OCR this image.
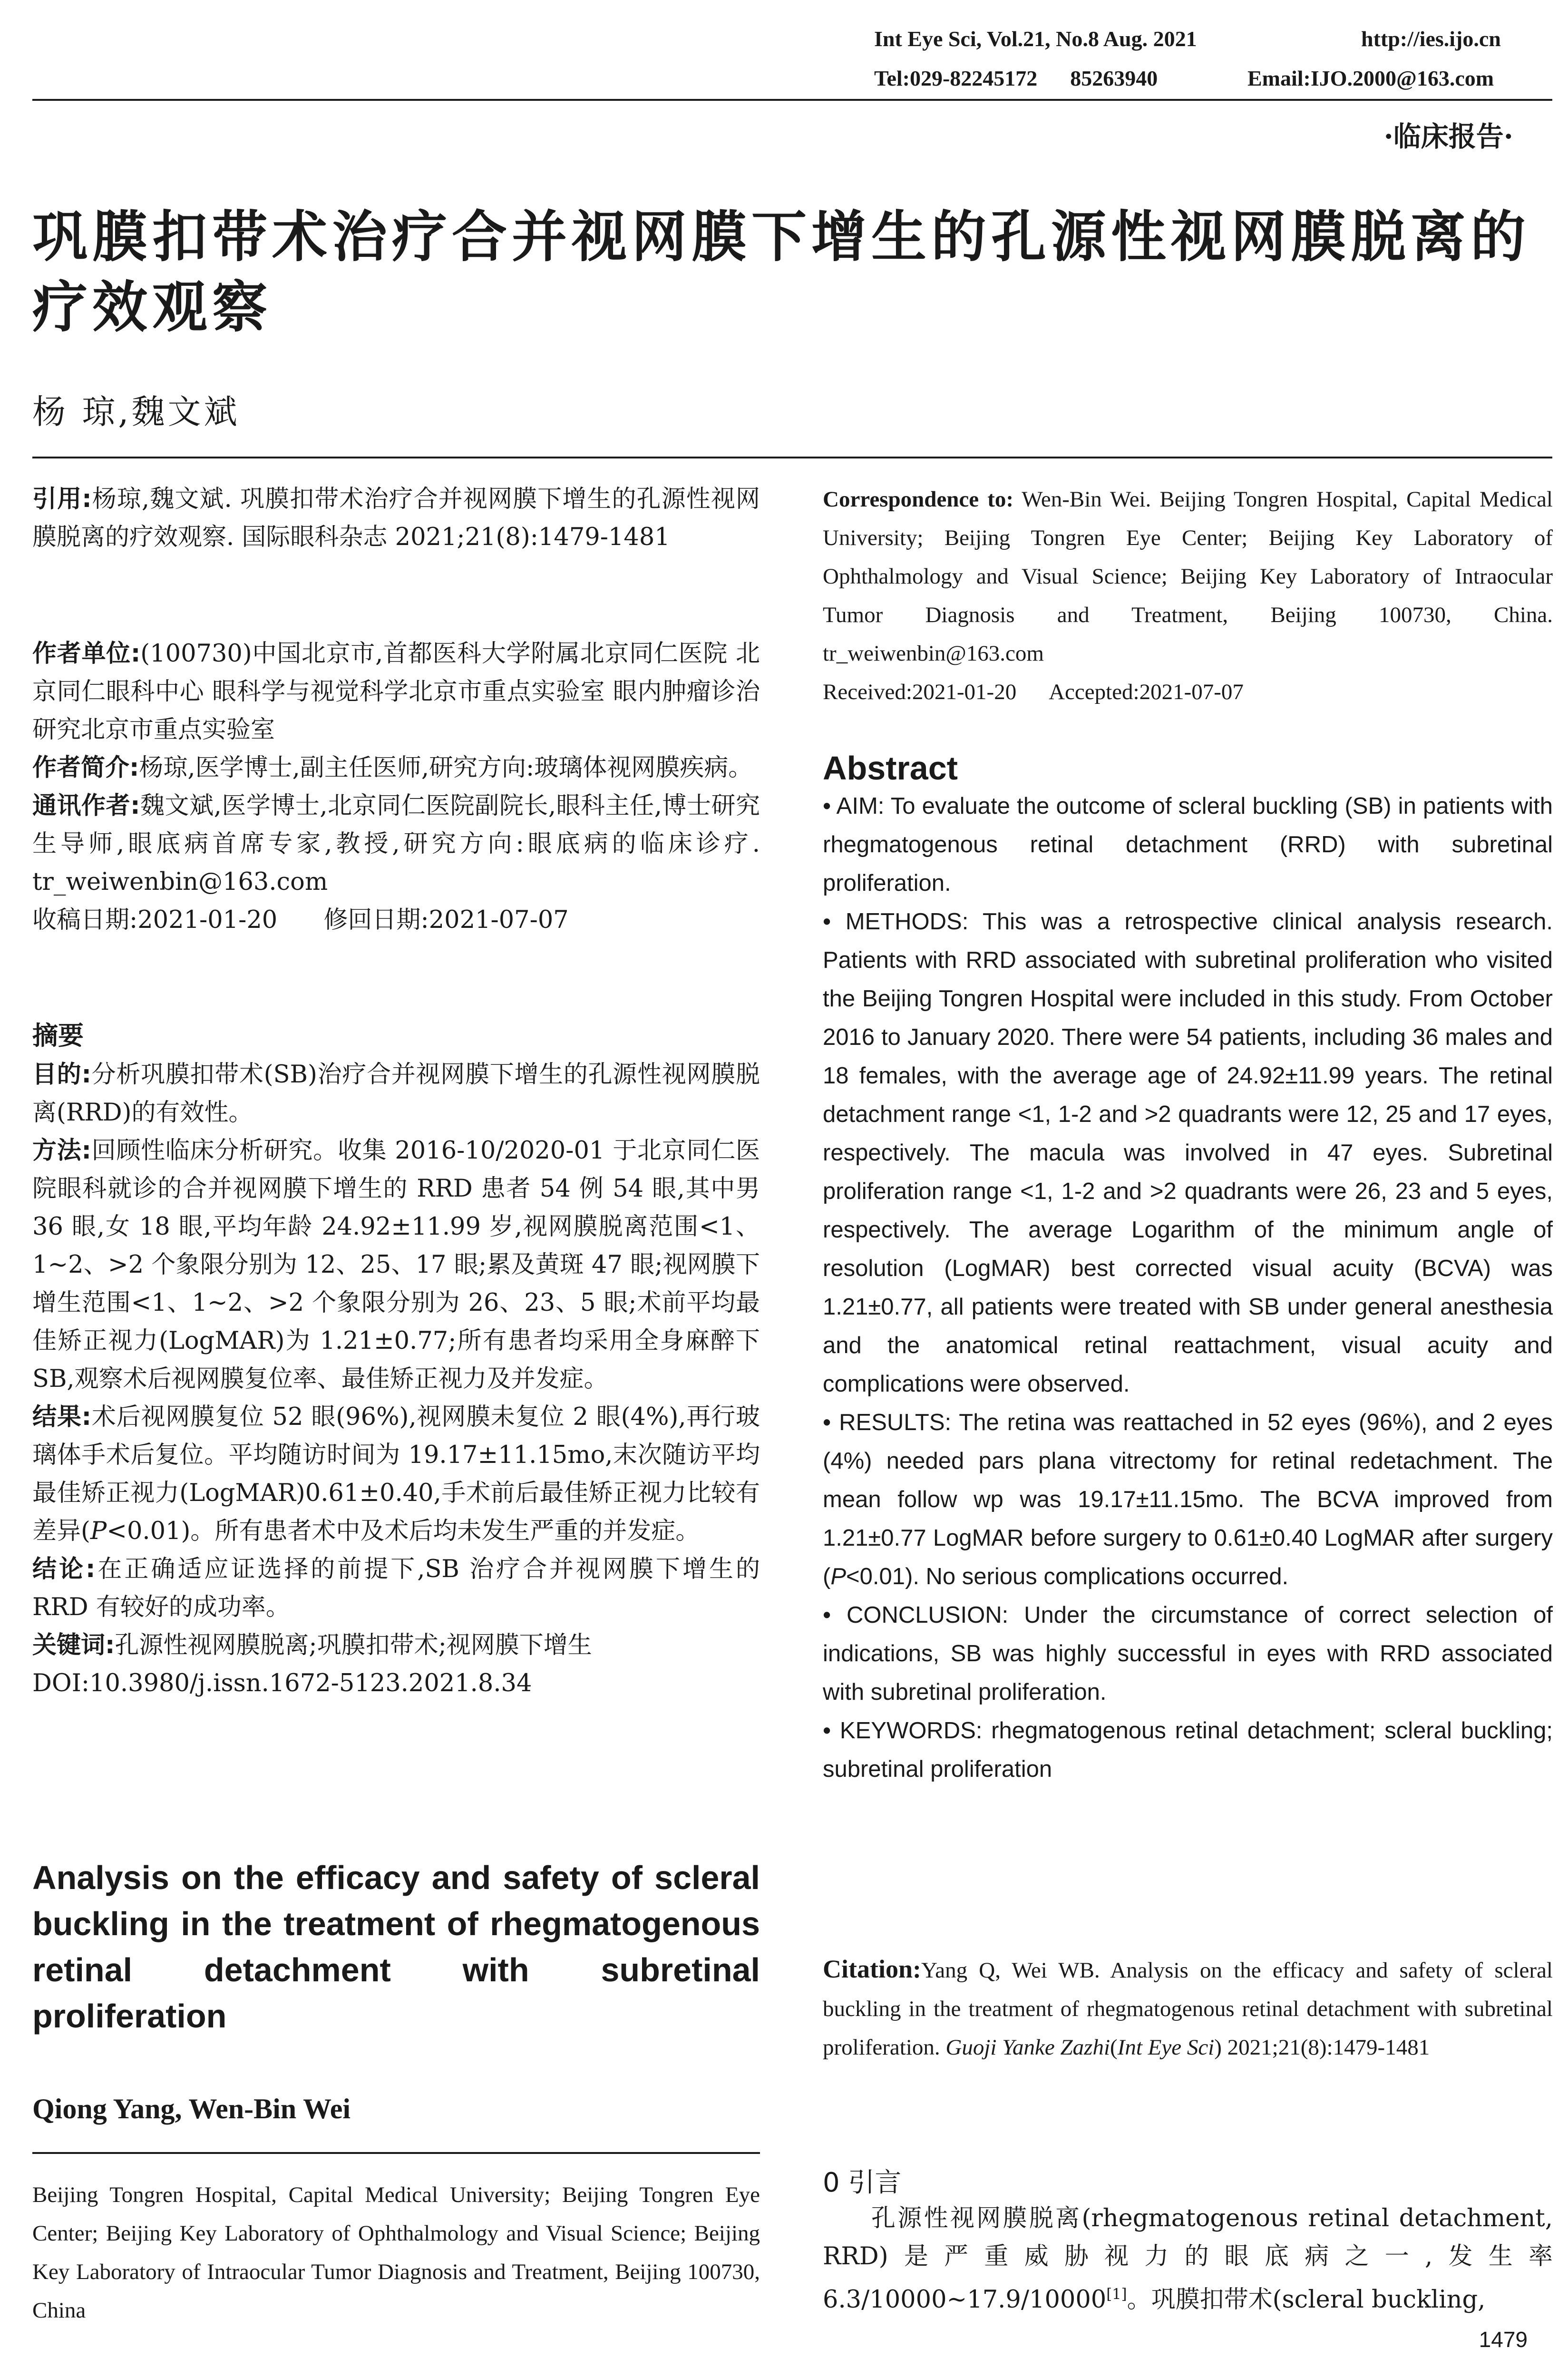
Int Eye Sci, Vol.21, No.8 Aug. 2021	http://ies.ijo.cn
Tel:029-82245172      85263940	Email:IJO.2000@163.com
·临床报告·
巩膜扣带术治疗合并视网膜下增生的孔源性视网膜脱离的疗效观察
杨 琼,魏文斌

引用:杨琼,魏文斌. 巩膜扣带术治疗合并视网膜下增生的孔源性视网膜脱离的疗效观察. 国际眼科杂志 2021;21(8):1479-1481

作者单位:(100730)中国北京市,首都医科大学附属北京同仁医院 北京同仁眼科中心 眼科学与视觉科学北京市重点实验室 眼内肿瘤诊治研究北京市重点实验室

作者简介:杨琼,医学博士,副主任医师,研究方向:玻璃体视网膜疾病。

通讯作者:魏文斌,医学博士,北京同仁医院副院长,眼科主任,博士研究生导师,眼底病首席专家,教授,研究方向:眼底病的临床诊疗. tr_weiwenbin@163.com

收稿日期:2021-01-20      修回日期:2021-07-07

摘要

目的:分析巩膜扣带术(SB)治疗合并视网膜下增生的孔源性视网膜脱离(RRD)的有效性。

方法:回顾性临床分析研究。收集 2016-10/2020-01 于北京同仁医院眼科就诊的合并视网膜下增生的 RRD 患者 54 例 54 眼,其中男 36 眼,女 18 眼,平均年龄 24.92±11.99 岁,视网膜脱离范围<1、1~2、>2 个象限分别为 12、25、17 眼;累及黄斑 47 眼;视网膜下增生范围<1、1~2、>2 个象限分别为 26、23、5 眼;术前平均最佳矫正视力(LogMAR)为 1.21±0.77;所有患者均采用全身麻醉下 SB,观察术后视网膜复位率、最佳矫正视力及并发症。

结果:术后视网膜复位 52 眼(96%),视网膜未复位 2 眼(4%),再行玻璃体手术后复位。平均随访时间为 19.17±11.15mo,末次随访平均最佳矫正视力(LogMAR)0.61±0.40,手术前后最佳矫正视力比较有差异(P<0.01)。所有患者术中及术后均未发生严重的并发症。

结论:在正确适应证选择的前提下,SB 治疗合并视网膜下增生的 RRD 有较好的成功率。

关键词:孔源性视网膜脱离;巩膜扣带术;视网膜下增生

DOI:10.3980/j.issn.1672-5123.2021.8.34

Analysis on the efficacy and safety of scleral buckling in the treatment of rhegmatogenous retinal detachment with subretinal proliferation
Qiong Yang, Wen-Bin Wei

Beijing Tongren Hospital, Capital Medical University; Beijing Tongren Eye Center; Beijing Key Laboratory of Ophthalmology and Visual Science; Beijing Key Laboratory of Intraocular Tumor Diagnosis and Treatment, Beijing 100730, China

Correspondence to: Wen-Bin Wei. Beijing Tongren Hospital, Capital Medical University; Beijing Tongren Eye Center; Beijing Key Laboratory of Ophthalmology and Visual Science; Beijing Key Laboratory of Intraocular Tumor Diagnosis and Treatment, Beijing 100730, China. tr_weiwenbin@163.com

Received:2021-01-20      Accepted:2021-07-07

Abstract

• AIM: To evaluate the outcome of scleral buckling (SB) in patients with rhegmatogenous retinal detachment (RRD) with subretinal proliferation.

• METHODS: This was a retrospective clinical analysis research. Patients with RRD associated with subretinal proliferation who visited the Beijing Tongren Hospital were included in this study. From October 2016 to January 2020. There were 54 patients, including 36 males and 18 females, with the average age of 24.92±11.99 years. The retinal detachment range <1, 1-2 and >2 quadrants were 12, 25 and 17 eyes, respectively. The macula was involved in 47 eyes. Subretinal proliferation range <1, 1-2 and >2 quadrants were 26, 23 and 5 eyes, respectively. The average Logarithm of the minimum angle of resolution (LogMAR) best corrected visual acuity (BCVA) was 1.21±0.77, all patients were treated with SB under general anesthesia and the anatomical retinal reattachment, visual acuity and complications were observed.

• RESULTS: The retina was reattached in 52 eyes (96%), and 2 eyes (4%) needed pars plana vitrectomy for retinal redetachment. The mean follow wp was 19.17±11.15mo. The BCVA improved from 1.21±0.77 LogMAR before surgery to 0.61±0.40 LogMAR after surgery (P<0.01). No serious complications occurred.

• CONCLUSION: Under the circumstance of correct selection of indications, SB was highly successful in eyes with RRD associated with subretinal proliferation.

• KEYWORDS: rhegmatogenous retinal detachment; scleral buckling; subretinal proliferation

Citation:Yang Q, Wei WB. Analysis on the efficacy and safety of scleral buckling in the treatment of rhegmatogenous retinal detachment with subretinal proliferation. Guoji Yanke Zazhi(Int Eye Sci) 2021;21(8):1479-1481

0 引言

孔源性视网膜脱离(rhegmatogenous retinal detachment, RRD)是严重威胁视力的眼底病之一,发生率 6.3/10000~17.9/10000[1]。巩膜扣带术(scleral buckling,

1479
